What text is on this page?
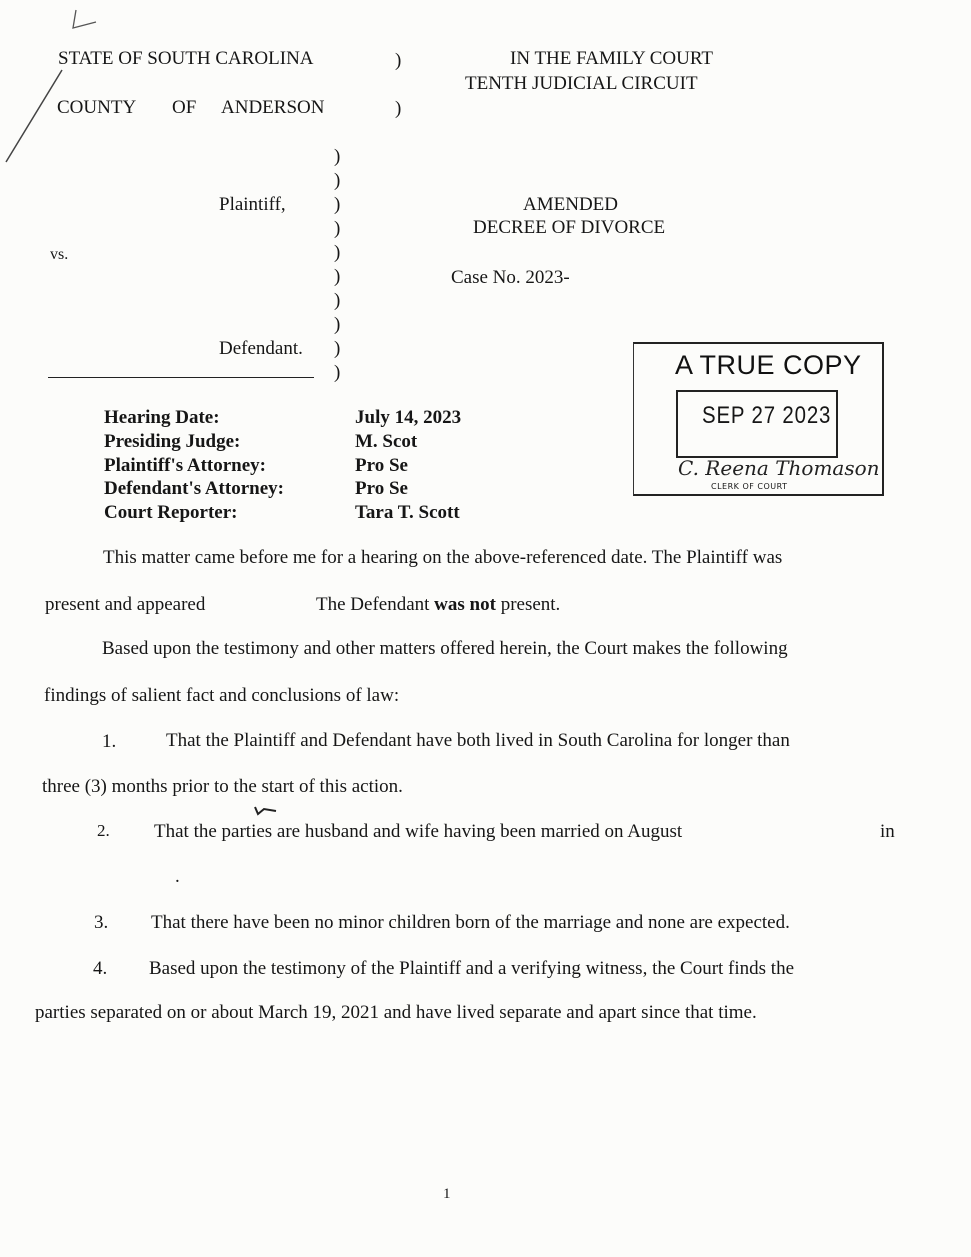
STATE OF SOUTH CAROLINA
COUNTY OF ANDERSON
)
)
IN THE FAMILY COURT
TENTH JUDICIAL CIRCUIT
)
)
Plaintiff,	)
)
vs.	)
)
)
)
Defendant. )
)
AMENDED
DECREE OF DIVORCE
Case No. 2023-
A TRUE COPY
SEP 27 2023
C. Reena Thomason
CLERK OF COURT
Hearing Date:	July 14, 2023
Presiding Judge:	M. Scot
Plaintiff's Attorney:	Pro Se
Defendant's Attorney:	Pro Se
Court Reporter:	Tara T. Scott
This matter came before me for a hearing on the above-referenced date. The Plaintiff was
present and appeared	The Defendant was not present.
Based upon the testimony and other matters offered herein, the Court makes the following
findings of salient fact and conclusions of law:
1.	That the Plaintiff and Defendant have both lived in South Carolina for longer than
three (3) months prior to the start of this action.
2. That the parties are husband and wife having been married on August	in
.
3. That there have been no minor children born of the marriage and none are expected.
4. Based upon the testimony of the Plaintiff and a verifying witness, the Court finds the
parties separated on or about March 19, 2021 and have lived separate and apart since that time.
1
